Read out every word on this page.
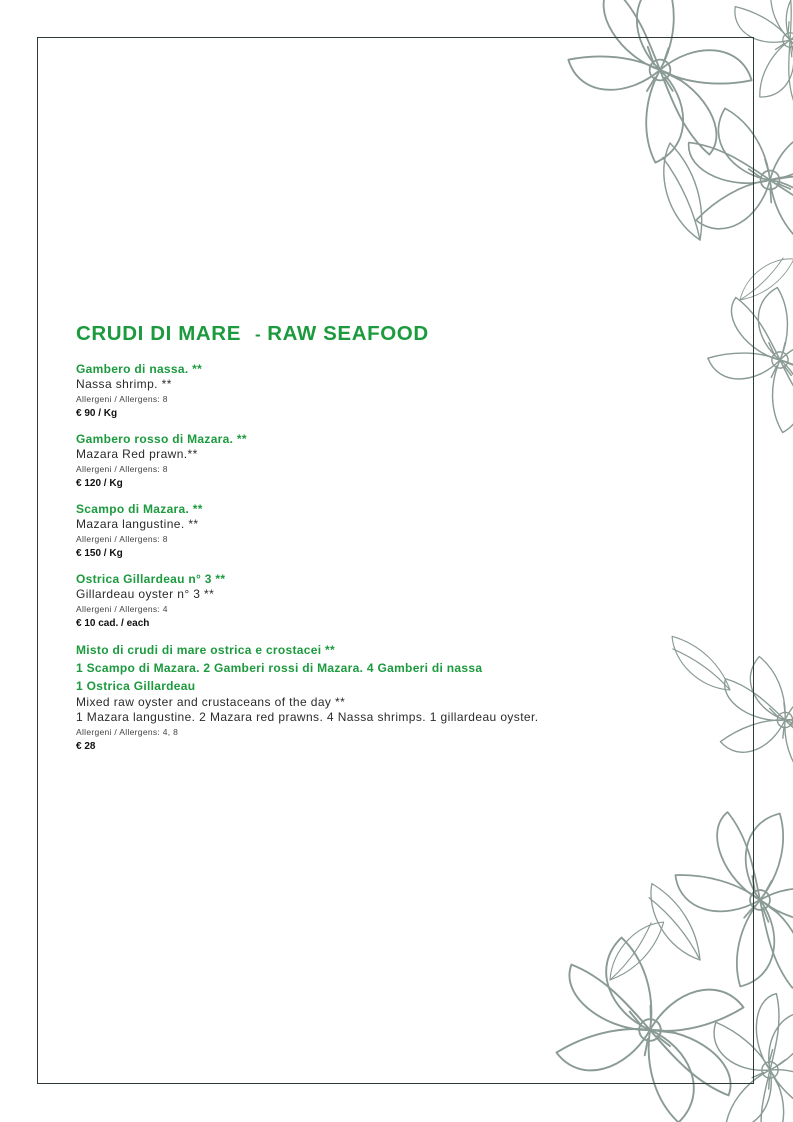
CRUDI DI MARE - RAW SEAFOOD
Gambero di nassa. **
Nassa shrimp. **
Allergeni / Allergens: 8
€ 90 / Kg
Gambero rosso di Mazara. **
Mazara Red prawn.**
Allergeni / Allergens: 8
€ 120 / Kg
Scampo di Mazara. **
Mazara langustine. **
Allergeni / Allergens: 8
€ 150 / Kg
Ostrica Gillardeau n° 3 **
Gillardeau oyster n° 3 **
Allergeni / Allergens: 4
€ 10 cad. / each
Misto di crudi di mare ostrica e crostacei **
1 Scampo di Mazara. 2 Gamberi rossi di Mazara. 4 Gamberi di nassa
1 Ostrica Gillardeau
Mixed raw oyster and crustaceans of the day **
1 Mazara langustine. 2 Mazara red prawns. 4 Nassa shrimps. 1 gillardeau oyster.
Allergeni / Allergens: 4, 8
€ 28
